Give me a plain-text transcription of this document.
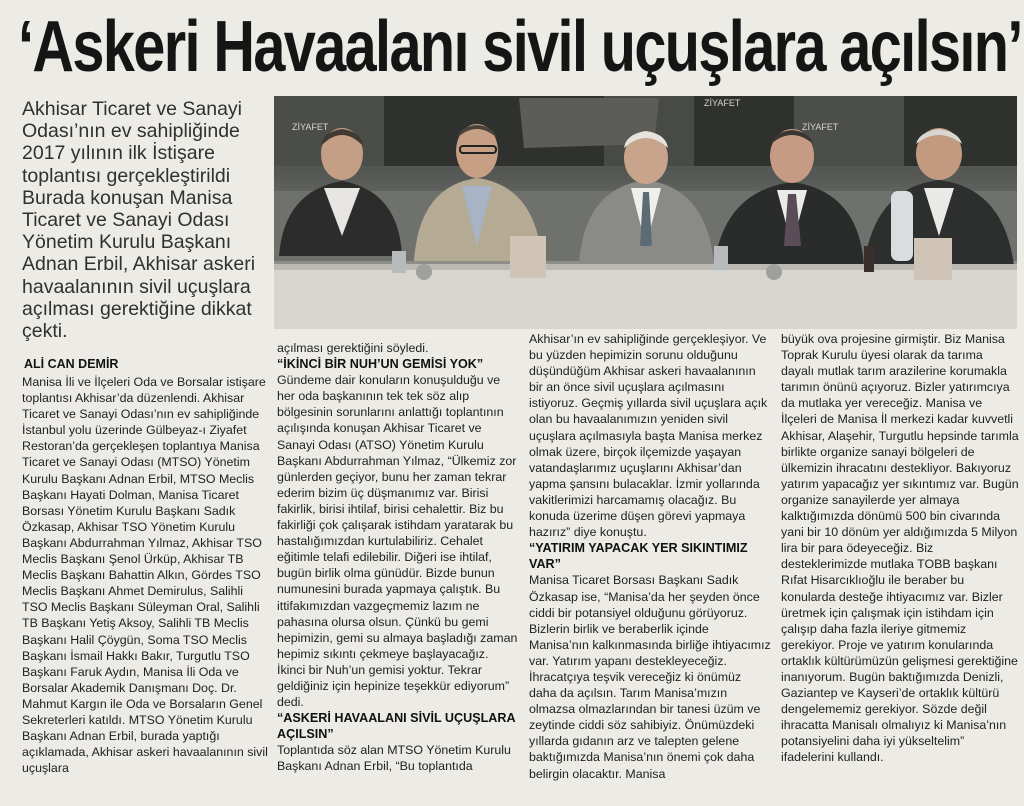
‘Askeri Havaalanı sivil uçuşlara açılsın’
Akhisar Ticaret ve Sanayi Odası’nın ev sahipliğinde 2017 yılının ilk İstişare toplantısı gerçekleştirildi Burada konuşan Manisa Ticaret ve Sanayi Odası Yönetim Kurulu Başkanı Adnan Erbil, Akhisar askeri havaalanının sivil uçuşlara açılması gerektiğine dikkat çekti.
ALİ CAN DEMİR
ZİYAFET
ZİYAFET
ZİYAFET

Manisa İli ve İlçeleri Oda ve Borsalar istişare toplantısı Akhisar’da düzenlendi. Akhisar Ticaret ve Sanayi Odası’nın ev sahipliğinde İstanbul yolu üzerinde Gülbeyaz-ı Ziyafet Restoran’da gerçekleşen toplantıya Manisa Ticaret ve Sanayi Odası (MTSO) Yönetim Kurulu Başkanı Adnan Erbil, MTSO Meclis Başkanı Hayati Dolman, Manisa Ticaret Borsası Yönetim Kurulu Başkanı Sadık Özkasap, Akhisar TSO Yönetim Kurulu Başkanı Abdurrahman Yılmaz, Akhisar TSO Meclis Başkanı Şenol Ürküp, Akhisar TB Meclis Başkanı Bahattin Alkın, Gördes TSO Meclis Başkanı Ahmet Demirulus, Salihli TSO Meclis Başkanı Süleyman Oral, Salihli TB Başkanı Yetiş Aksoy, Salihli TB Meclis Başkanı Halil Çöygün, Soma TSO Meclis Başkanı İsmail Hakkı Bakır, Turgutlu TSO Başkanı Faruk Aydın, Manisa İli Oda ve Borsalar Akademik Danışmanı Doç. Dr. Mahmut Kargın ile Oda ve Borsaların Genel Sekreterleri katıldı. MTSO Yönetim Kurulu Başkanı Adnan Erbil, burada yaptığı açıklamada, Akhisar askeri havaalanının sivil uçuşlara

açılması gerektiğini söyledi.

“İKİNCİ BİR NUH’UN GEMİSİ YOK”

Gündeme dair konuların konuşulduğu ve her oda başkanının tek tek söz alıp bölgesinin sorunlarını anlattığı toplantının açılışında konuşan Akhisar Ticaret ve Sanayi Odası (ATSO) Yönetim Kurulu Başkanı Abdurrahman Yılmaz, “Ülkemiz zor günlerden geçiyor, bunu her zaman tekrar ederim bizim üç düşmanımız var. Birisi fakirlik, birisi ihtilaf, birisi cehalettir. Biz bu fakirliği çok çalışarak istihdam yaratarak bu hastalığımızdan kurtulabiliriz. Cehalet eğitimle telafi edilebilir. Diğeri ise ihtilaf, bugün birlik olma günüdür. Bizde bunun numunesini burada yapmaya çalıştık. Bu ittifakımızdan vazgeçmemiz lazım ne pahasına olursa olsun. Çünkü bu gemi hepimizin, gemi su almaya başladığı zaman hepimiz sıkıntı çekmeye başlayacağız. İkinci bir Nuh’un gemisi yoktur. Tekrar geldiğiniz için hepinize teşekkür ediyorum” dedi.

“ASKERİ HAVAALANI SİVİL UÇUŞLARA AÇILSIN”

Toplantıda söz alan MTSO Yönetim Kurulu Başkanı Adnan Erbil, “Bu toplantıda

Akhisar’ın ev sahipliğinde gerçekleşiyor. Ve bu yüzden hepimizin sorunu olduğunu düşündüğüm Akhisar askeri havaalanının bir an önce sivil uçuşlara açılmasını istiyoruz. Geçmiş yıllarda sivil uçuşlara açık olan bu havaalanımızın yeniden sivil uçuşlara açılmasıyla başta Manisa merkez olmak üzere, birçok ilçemizde yaşayan vatandaşlarımız uçuşlarını Akhisar’dan yapma şansını bulacaklar. İzmir yollarında vakitlerimizi harcamamış olacağız. Bu konuda üzerime düşen görevi yapmaya hazırız” diye konuştu.

“YATIRIM YAPACAK YER SIKINTIMIZ VAR”

Manisa Ticaret Borsası Başkanı Sadık Özkasap ise, “Manisa’da her şeyden önce ciddi bir potansiyel olduğunu görüyoruz. Bizlerin birlik ve beraberlik içinde Manisa’nın kalkınmasında birliğe ihtiyacımız var. Yatırım yapanı destekleyeceğiz. İhracatçıya teşvik vereceğiz ki önümüz daha da açılsın. Tarım Manisa’mızın olmazsa olmazlarından bir tanesi üzüm ve zeytinde ciddi söz sahibiyiz. Önümüzdeki yıllarda gıdanın arz ve talepten gelene baktığımızda Manisa’nın önemi çok daha belirgin olacaktır. Manisa

büyük ova projesine girmiştir. Biz Manisa Toprak Kurulu üyesi olarak da tarıma dayalı mutlak tarım arazilerine korumakla tarımın önünü açıyoruz. Bizler yatırımcıya da mutlaka yer vereceğiz. Manisa ve İlçeleri de Manisa İl merkezi kadar kuvvetli Akhisar, Alaşehir, Turgutlu hepsinde tarımla birlikte organize sanayi bölgeleri de ülkemizin ihracatını destekliyor. Bakıyoruz yatırım yapacağız yer sıkıntımız var. Bugün organize sanayilerde yer almaya kalktığımızda dönümü 500 bin civarında yani bir 10 dönüm yer aldığımızda 5 Milyon lira bir para ödeyeceğiz. Biz desteklerimizde mutlaka TOBB başkanı Rıfat Hisarcıklıoğlu ile beraber bu konularda desteğe ihtiyacımız var. Bizler üretmek için çalışmak için istihdam için çalışıp daha fazla ileriye gitmemiz gerekiyor. Proje ve yatırım konularında ortaklık kültürümüzün gelişmesi gerektiğine inanıyorum. Bugün baktığımızda Denizli, Gaziantep ve Kayseri’de ortaklık kültürü dengelememiz gerekiyor. Sözde değil ihracatta Manisalı olmalıyız ki Manisa’nın potansiyelini daha iyi yükseltelim” ifadelerini kullandı.
